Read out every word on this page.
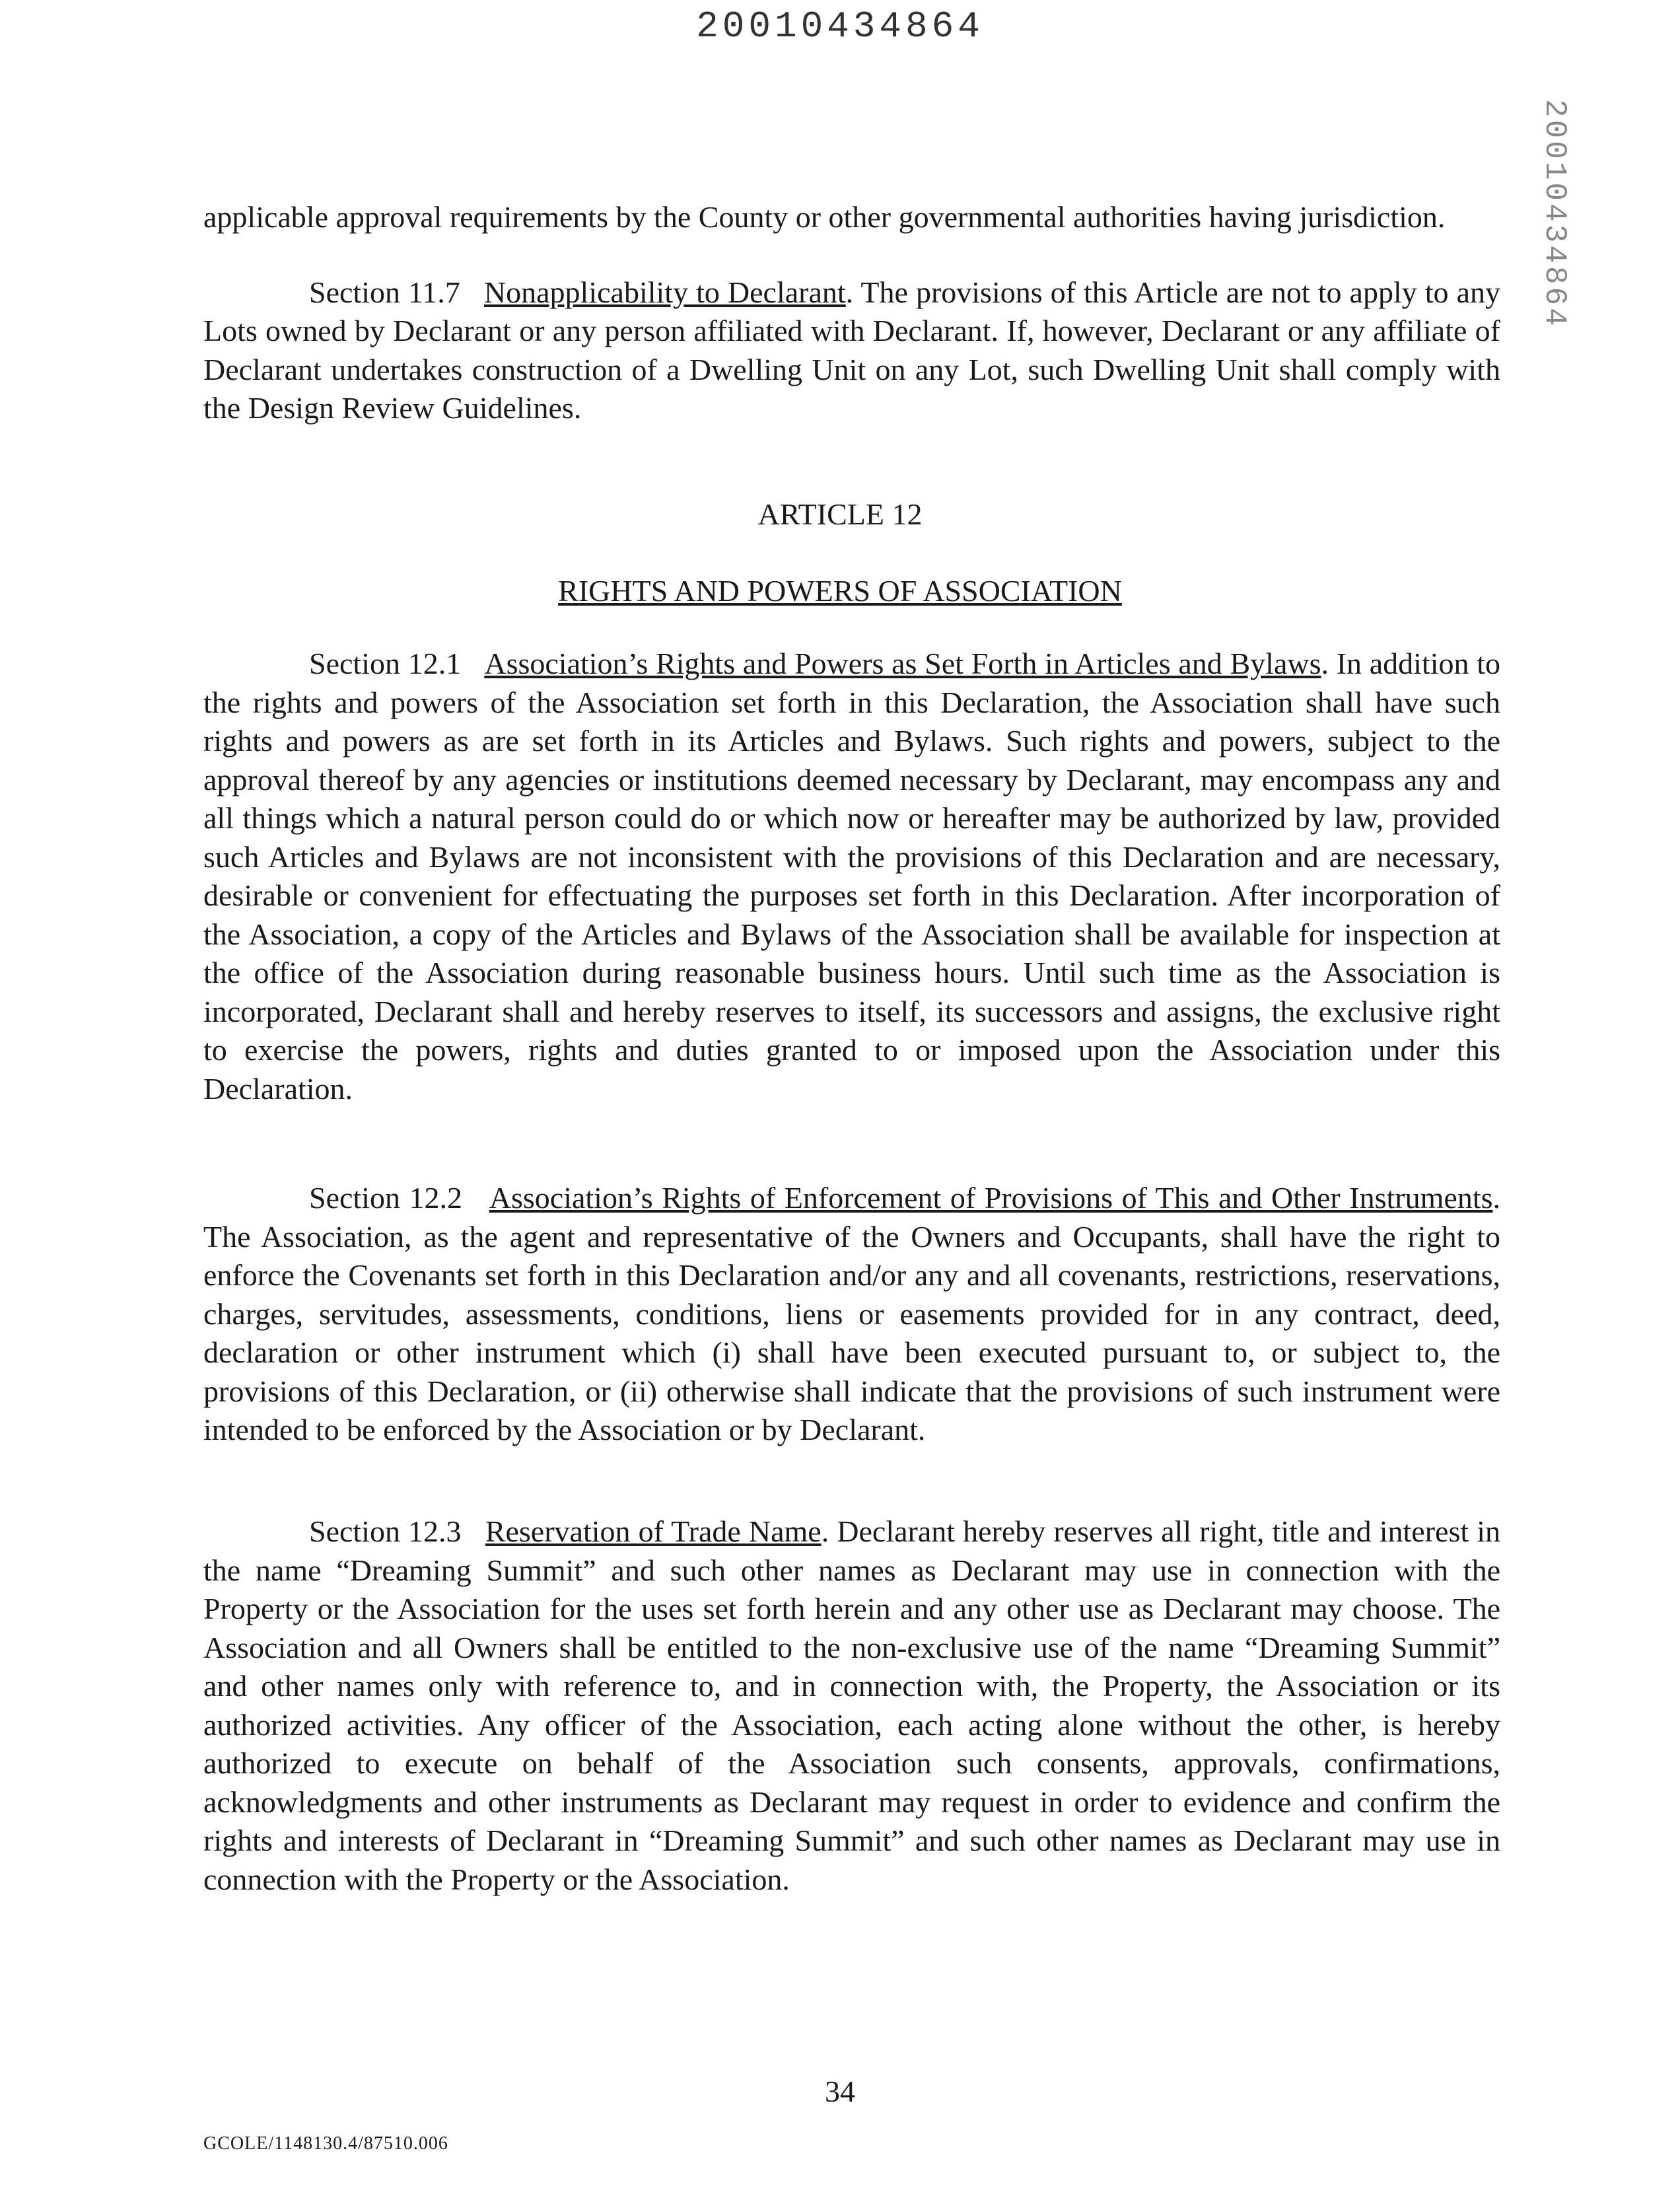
20010434864
20010434864

applicable approval requirements by the County or other governmental authorities having jurisdiction.

Section 11.7 Nonapplicability to Declarant. The provisions of this Article are not to apply to any Lots owned by Declarant or any person affiliated with Declarant. If, however, Declarant or any affiliate of Declarant undertakes construction of a Dwelling Unit on any Lot, such Dwelling Unit shall comply with the Design Review Guidelines.

ARTICLE 12
RIGHTS AND POWERS OF ASSOCIATION

Section 12.1 Association’s Rights and Powers as Set Forth in Articles and Bylaws. In addition to the rights and powers of the Association set forth in this Declaration, the Association shall have such rights and powers as are set forth in its Articles and Bylaws. Such rights and powers, subject to the approval thereof by any agencies or institutions deemed necessary by Declarant, may encompass any and all things which a natural person could do or which now or hereafter may be authorized by law, provided such Articles and Bylaws are not inconsistent with the provisions of this Declaration and are necessary, desirable or convenient for effectuating the purposes set forth in this Declaration. After incorporation of the Association, a copy of the Articles and Bylaws of the Association shall be available for inspection at the office of the Association during reasonable business hours. Until such time as the Association is incorporated, Declarant shall and hereby reserves to itself, its successors and assigns, the exclusive right to exercise the powers, rights and duties granted to or imposed upon the Association under this Declaration.

Section 12.2 Association’s Rights of Enforcement of Provisions of This and Other Instruments. The Association, as the agent and representative of the Owners and Occupants, shall have the right to enforce the Covenants set forth in this Declaration and/or any and all covenants, restrictions, reservations, charges, servitudes, assessments, conditions, liens or easements provided for in any contract, deed, declaration or other instrument which (i) shall have been executed pursuant to, or subject to, the provisions of this Declaration, or (ii) otherwise shall indicate that the provisions of such instrument were intended to be enforced by the Association or by Declarant.

Section 12.3 Reservation of Trade Name. Declarant hereby reserves all right, title and interest in the name “Dreaming Summit” and such other names as Declarant may use in connection with the Property or the Association for the uses set forth herein and any other use as Declarant may choose. The Association and all Owners shall be entitled to the non-exclusive use of the name “Dreaming Summit” and other names only with reference to, and in connection with, the Property, the Association or its authorized activities. Any officer of the Association, each acting alone without the other, is hereby authorized to execute on behalf of the Association such consents, approvals, confirmations, acknowledgments and other instruments as Declarant may request in order to evidence and confirm the rights and interests of Declarant in “Dreaming Summit” and such other names as Declarant may use in connection with the Property or the Association.

34
GCOLE/1148130.4/87510.006
